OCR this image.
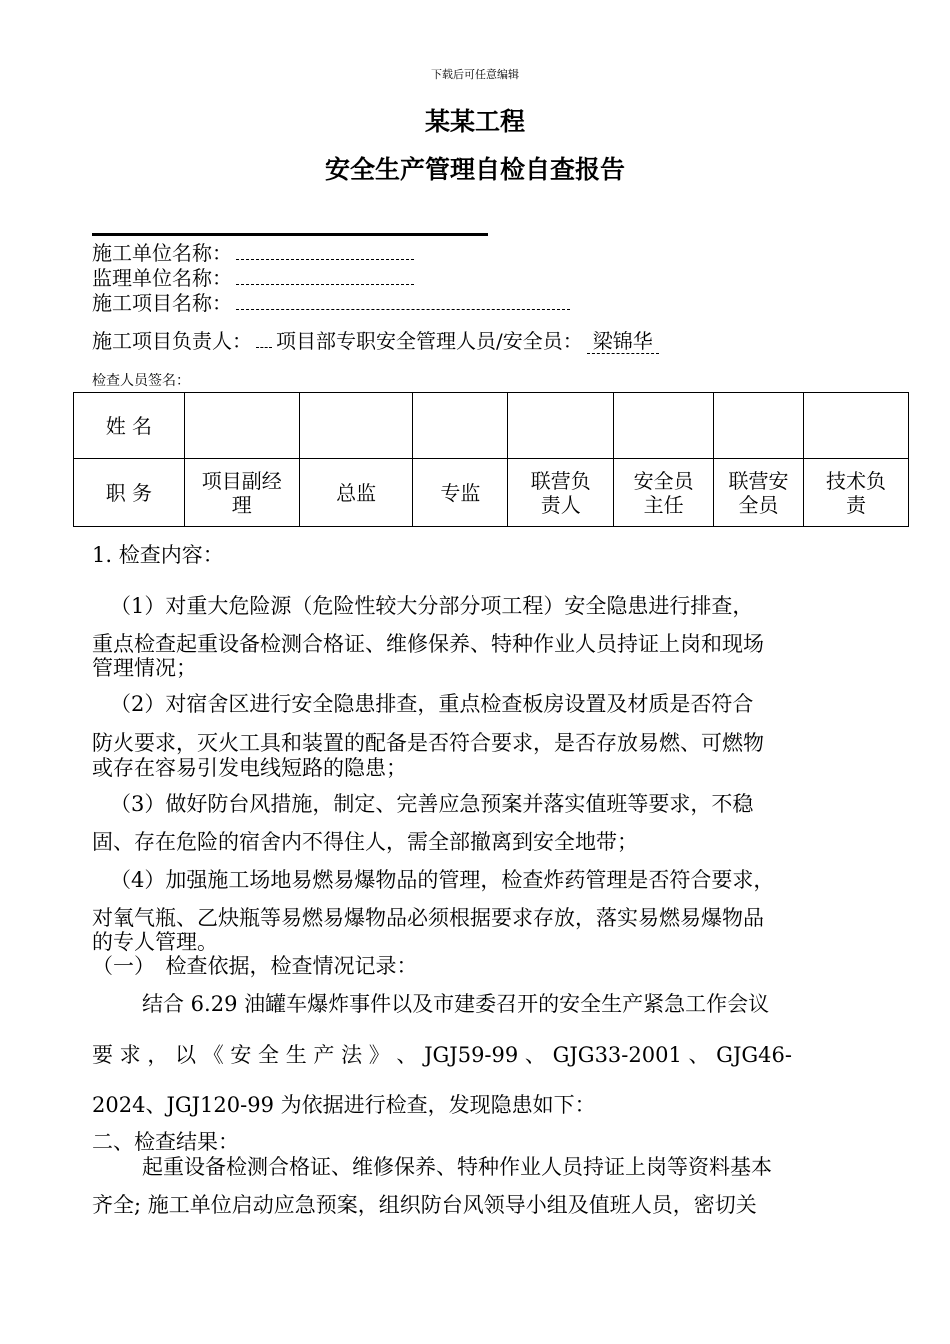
下载后可任意编辑
某某工程
安全生产管理自检自查报告
施工单位名称：
监理单位名称：
施工项目名称：
施工项目负责人： 项目部专职安全管理人员/安全员： 梁锦华
检查人员签名：
姓 名							
职 务	项目副经理	总监	专监	联营负责人	安全员主任	联营安全员	技术负责
1. 检查内容：
（1）对重大危险源（危险性较大分部分项工程）安全隐患进行排查，
重点检查起重设备检测合格证、维修保养、特种作业人员持证上岗和现场
管理情况；
（2）对宿舍区进行安全隐患排查，重点检查板房设置及材质是否符合
防火要求，灭火工具和装置的配备是否符合要求，是否存放易燃、可燃物
或存在容易引发电线短路的隐患；
（3）做好防台风措施，制定、完善应急预案并落实值班等要求，不稳
固、存在危险的宿舍内不得住人，需全部撤离到安全地带；
（4）加强施工场地易燃易爆物品的管理，检查炸药管理是否符合要求，
对氧气瓶、乙炔瓶等易燃易爆物品必须根据要求存放，落实易燃易爆物品
的专人管理。
（一）　检查依据，检查情况记录：
结合 6.29 油罐车爆炸事件以及市建委召开的安全生产紧急工作会议
要 求 ， 以 《 安 全 生 产 法 》 、 JGJ59-99 、 GJG33-2001 、 GJG46-
2024、JGJ120-99 为依据进行检查，发现隐患如下：
二、检查结果：
起重设备检测合格证、维修保养、特种作业人员持证上岗等资料基本
齐全; 施工单位启动应急预案，组织防台风领导小组及值班人员，密切关
